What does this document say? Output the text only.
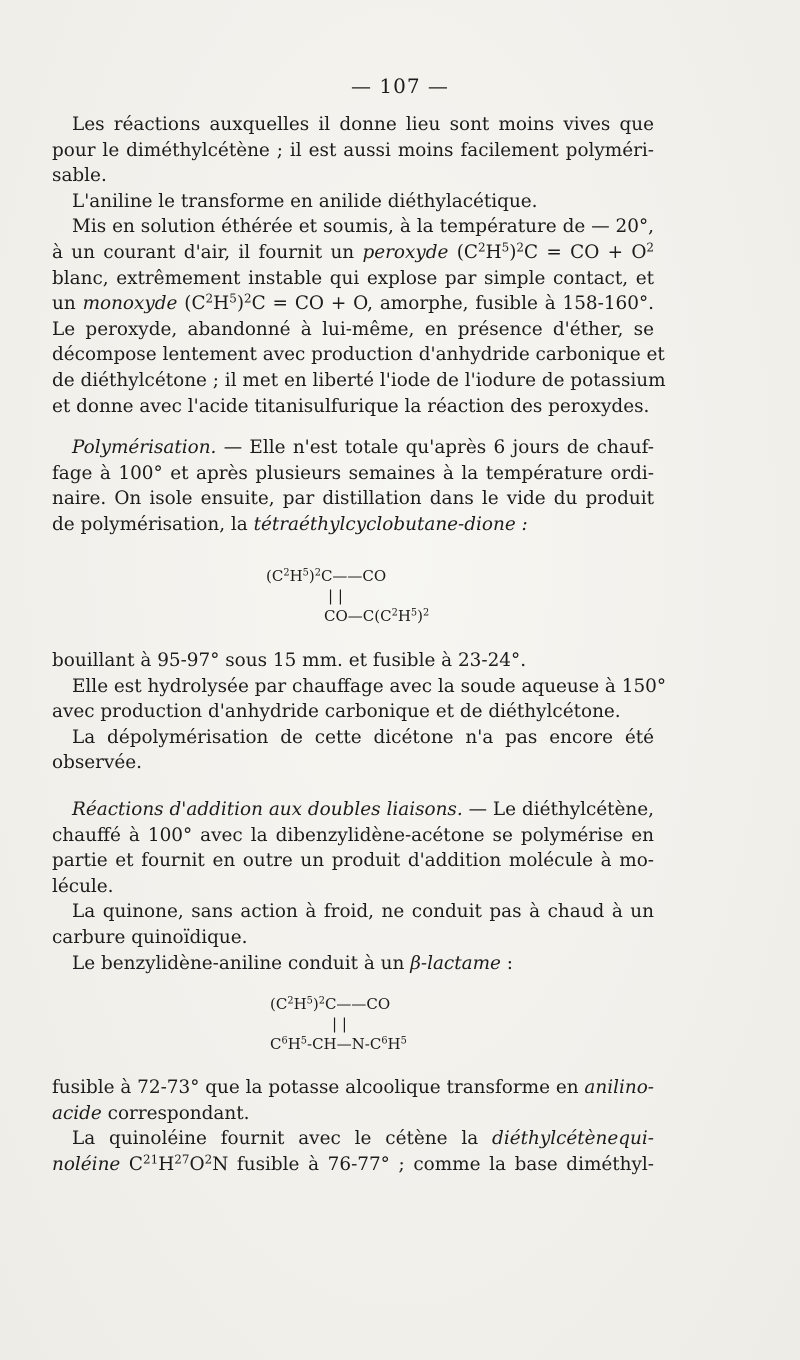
— 107 —
Les réactions auxquelles il donne lieu sont moins vives que
pour le diméthylcétène ; il est aussi moins facilement polyméri-
sable.
L'aniline le transforme en anilide diéthylacétique.
Mis en solution éthérée et soumis, à la température de — 20°,
à un courant d'air, il fournit un peroxyde $(C^2H^5)^2C$ = CO + $O^2$
blanc, extrêmement instable qui explose par simple contact, et
un monoxyde $(C^2H^5)^2C$ = CO + O, amorphe, fusible à 158-160°.
Le peroxyde, abandonné à lui-même, en présence d'éther, se
décompose lentement avec production d'anhydride carbonique et
de diéthylcétone ; il met en liberté l'iode de l'iodure de potassium
et donne avec l'acide titanisulfurique la réaction des peroxydes.
Polymérisation. — Elle n'est totale qu'après 6 jours de chauf-
fage à 100° et après plusieurs semaines à la température ordi-
naire. On isole ensuite, par distillation dans le vide du produit
de polymérisation, la tétraéthylcyclobutane-dione :
$(C^2H^5)^2C——CO$
| |
$CO—C(C^2H^5)^2$
bouillant à 95-97° sous 15 mm. et fusible à 23-24°.
Elle est hydrolysée par chauffage avec la soude aqueuse à 150°
avec production d'anhydride carbonique et de diéthylcétone.
La dépolymérisation de cette dicétone n'a pas encore été
observée.
Réactions d'addition aux doubles liaisons. — Le diéthylcétène,
chauffé à 100° avec la dibenzylidène-acétone se polymérise en
partie et fournit en outre un produit d'addition molécule à mo-
lécule.
La quinone, sans action à froid, ne conduit pas à chaud à un
carbure quinoïdique.
Le benzylidène-aniline conduit à un β-lactame :
$(C^2H^5)^2C——CO$
| |
$C^6H^5-CH—N-C^6H^5$
fusible à 72-73° que la potasse alcoolique transforme en anilino-
acide correspondant.
La quinoléine fournit avec le cétène la diéthylcétènequi-
noléine $C^{21}H^{27}O^2N$ fusible à 76-77° ; comme la base diméthyl-
